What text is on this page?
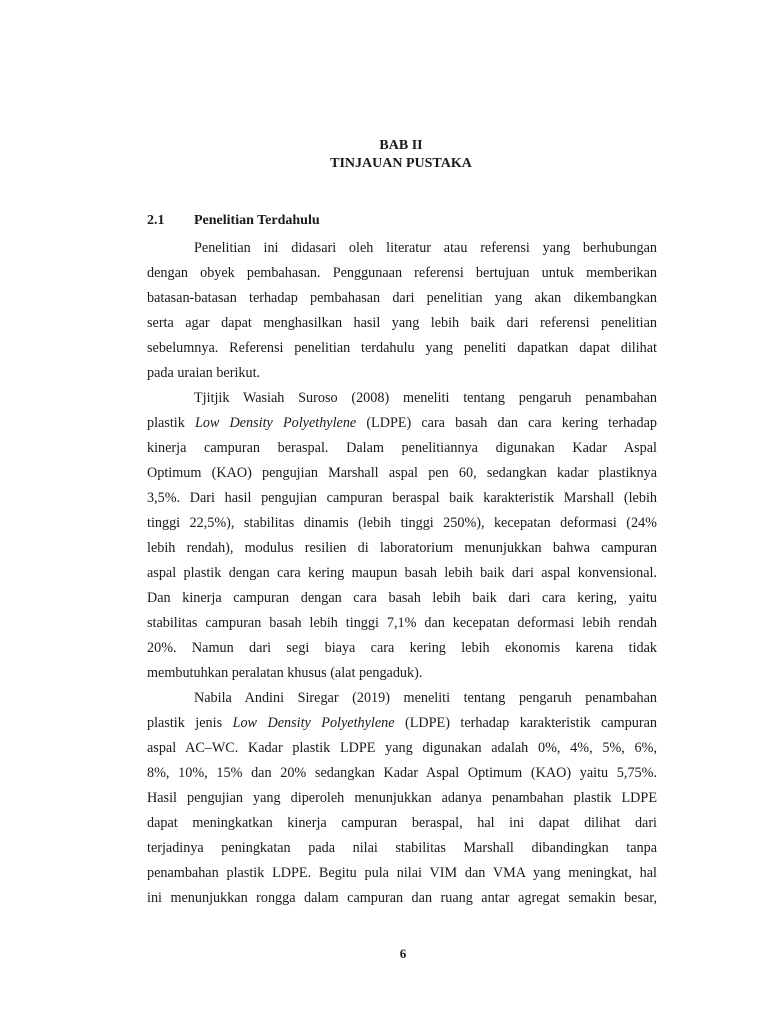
BAB II
TINJAUAN PUSTAKA
2.1 Penelitian Terdahulu
Penelitian ini didasari oleh literatur atau referensi yang berhubungan
dengan obyek pembahasan. Penggunaan referensi bertujuan untuk memberikan
batasan-batasan terhadap pembahasan dari penelitian yang akan dikembangkan
serta agar dapat menghasilkan hasil yang lebih baik dari referensi penelitian
sebelumnya. Referensi penelitian terdahulu yang peneliti dapatkan dapat dilihat
pada uraian berikut.
Tjitjik Wasiah Suroso (2008) meneliti tentang pengaruh penambahan
plastik Low Density Polyethylene (LDPE) cara basah dan cara kering terhadap
kinerja campuran beraspal. Dalam penelitiannya digunakan Kadar Aspal
Optimum (KAO) pengujian Marshall aspal pen 60, sedangkan kadar plastiknya
3,5%. Dari hasil pengujian campuran beraspal baik karakteristik Marshall (lebih
tinggi 22,5%), stabilitas dinamis (lebih tinggi 250%), kecepatan deformasi (24%
lebih rendah), modulus resilien di laboratorium menunjukkan bahwa campuran
aspal plastik dengan cara kering maupun basah lebih baik dari aspal konvensional.
Dan kinerja campuran dengan cara basah lebih baik dari cara kering, yaitu
stabilitas campuran basah lebih tinggi 7,1% dan kecepatan deformasi lebih rendah
20%. Namun dari segi biaya cara kering lebih ekonomis karena tidak
membutuhkan peralatan khusus (alat pengaduk).
Nabila Andini Siregar (2019) meneliti tentang pengaruh penambahan
plastik jenis Low Density Polyethylene (LDPE) terhadap karakteristik campuran
aspal AC–WC. Kadar plastik LDPE yang digunakan adalah 0%, 4%, 5%, 6%,
8%, 10%, 15% dan 20% sedangkan Kadar Aspal Optimum (KAO) yaitu 5,75%.
Hasil pengujian yang diperoleh menunjukkan adanya penambahan plastik LDPE
dapat meningkatkan kinerja campuran beraspal, hal ini dapat dilihat dari
terjadinya peningkatan pada nilai stabilitas Marshall dibandingkan tanpa
penambahan plastik LDPE. Begitu pula nilai VIM dan VMA yang meningkat, hal
ini menunjukkan rongga dalam campuran dan ruang antar agregat semakin besar,
6
